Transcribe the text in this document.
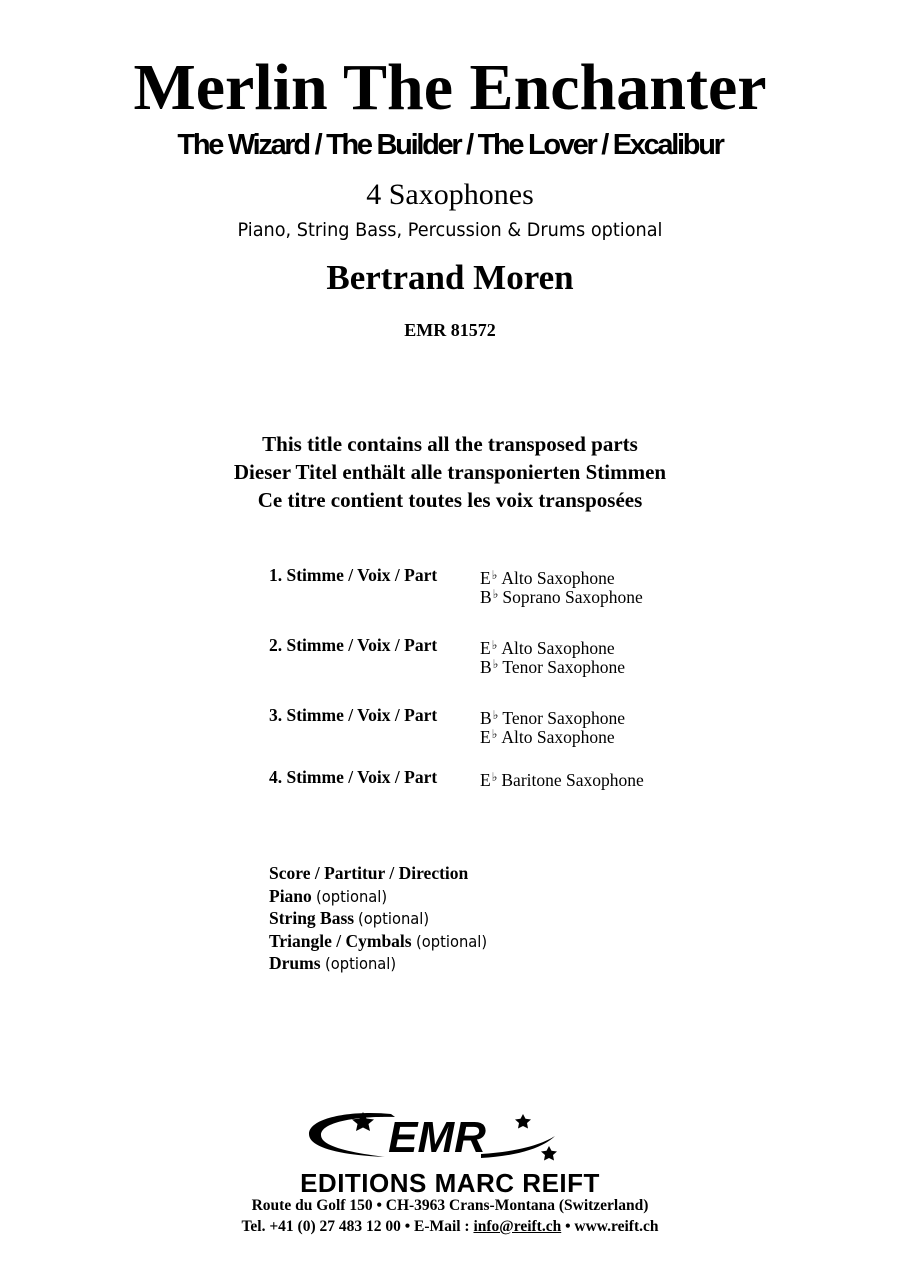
Merlin The Enchanter
The Wizard / The Builder / The Lover / Excalibur
4 Saxophones
Piano, String Bass, Percussion & Drums optional
Bertrand Moren
EMR 81572
This title contains all the transposed parts
Dieser Titel enthält alle transponierten Stimmen
Ce titre contient toutes les voix transposées
1. Stimme / Voix / Part E♭ Alto Saxophone
B♭ Soprano Saxophone
2. Stimme / Voix / Part E♭ Alto Saxophone
B♭ Tenor Saxophone
3. Stimme / Voix / Part B♭ Tenor Saxophone
E♭ Alto Saxophone
4. Stimme / Voix / Part E♭ Baritone Saxophone
Score / Partitur / Direction
Piano (optional)
String Bass (optional)
Triangle / Cymbals (optional)
Drums (optional)
EMR
EDITIONS MARC REIFT
Route du Golf 150 • CH-3963 Crans-Montana (Switzerland)
Tel. +41 (0) 27 483 12 00 • E-Mail : info@reift.ch • www.reift.ch
